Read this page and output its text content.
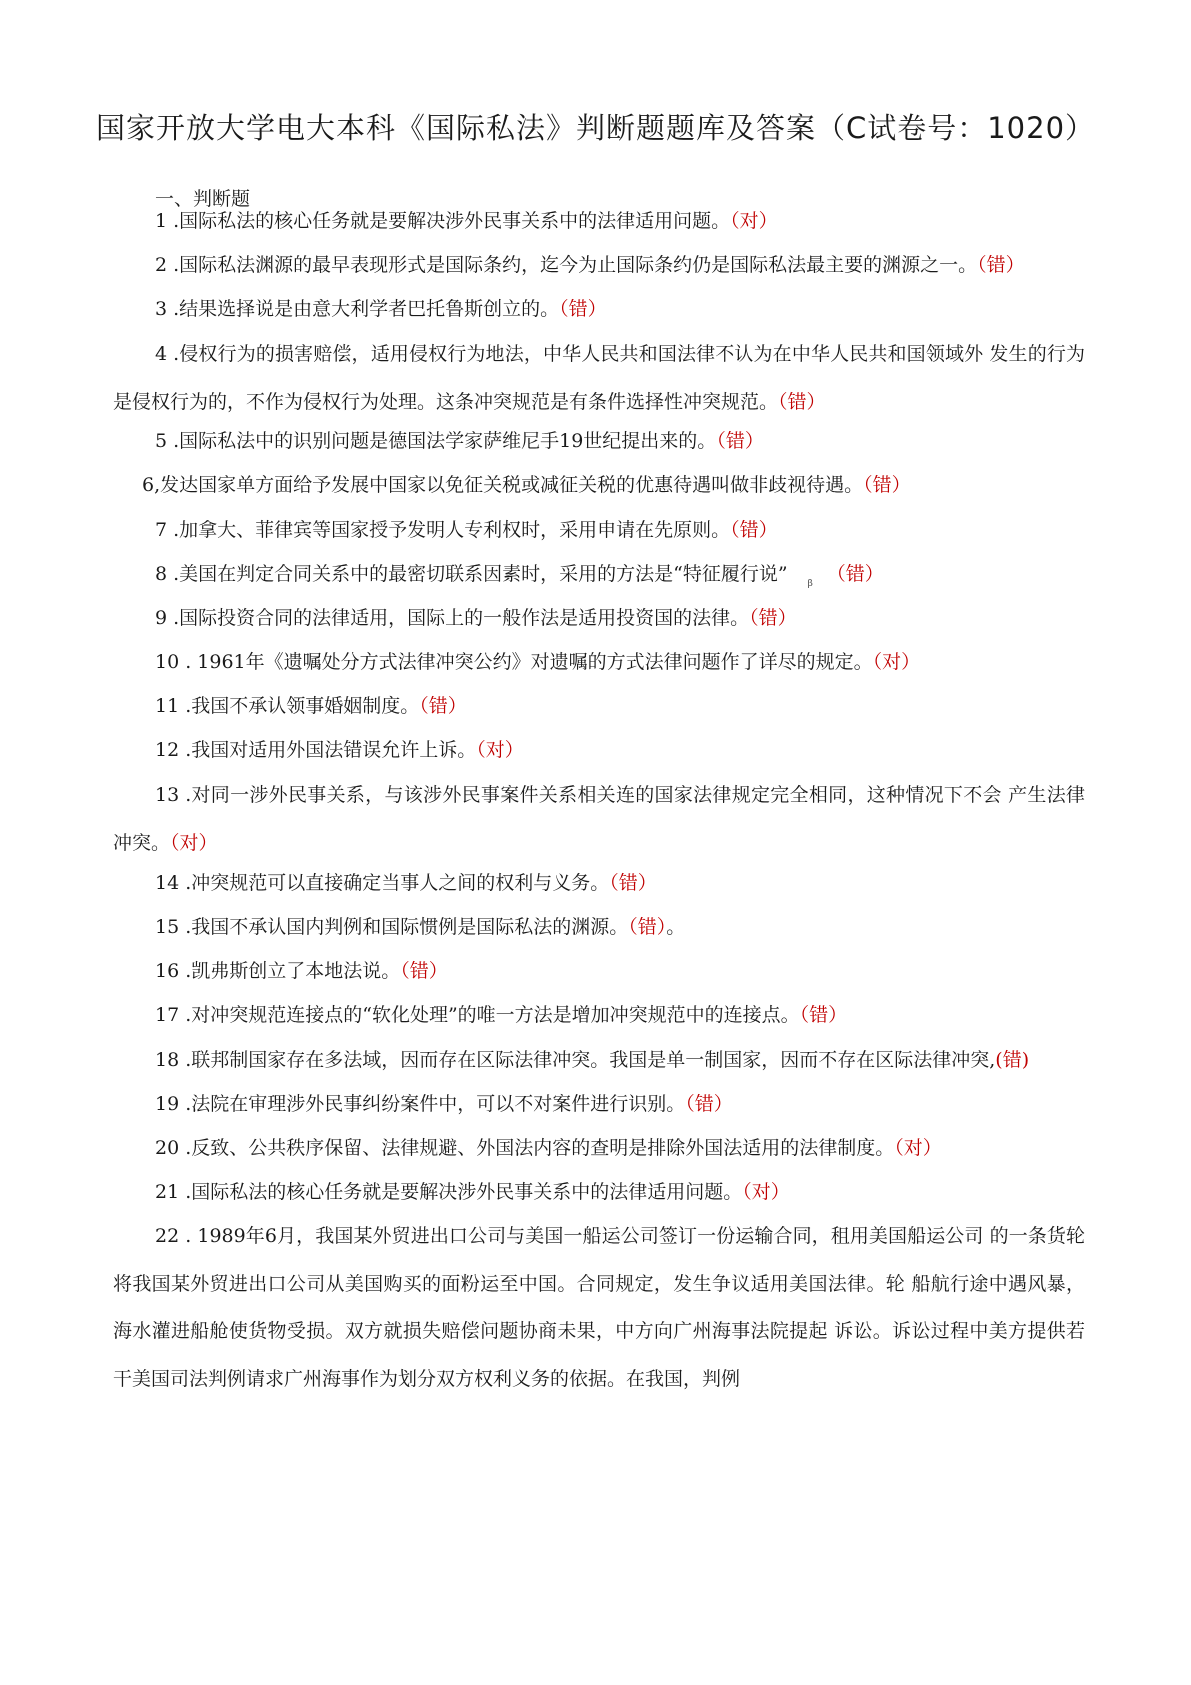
国家开放大学电大本科《国际私法》判断题题库及答案（C试卷号：1020）
一、判断题
1 .国际私法的核心任务就是要解决涉外民事关系中的法律适用问题。（对）
2 .国际私法渊源的最早表现形式是国际条约，迄今为止国际条约仍是国际私法最主要的渊源之一。（错）
3 .结果选择说是由意大利学者巴托鲁斯创立的。（错）
4 .侵权行为的损害赔偿，适用侵权行为地法，中华人民共和国法律不认为在中华人民共和国领域外 发生的行为是侵权行为的，不作为侵权行为处理。这条冲突规范是有条件选择性冲突规范。（错）
5 .国际私法中的识别问题是德国法学家萨维尼手19世纪提出来的。（错）
6,发达国家单方面给予发展中国家以免征关税或减征关税的优惠待遇叫做非歧视待遇。（错）
7 .加拿大、菲律宾等国家授予发明人专利权时，采用申请在先原则。（错）
8 .美国在判定合同关系中的最密切联系因素时，采用的方法是“特征履行说” $_\beta$ （错）
9 .国际投资合同的法律适用，国际上的一般作法是适用投资国的法律。（错）
10 . 1961年《遗嘱处分方式法律冲突公约》对遗嘱的方式法律问题作了详尽的规定。（对）
11 .我国不承认领事婚姻制度。（错）
12 .我国对适用外国法错误允许上诉。（对）
13 .对同一涉外民事关系，与该涉外民事案件关系相关连的国家法律规定完全相同，这种情况下不会 产生法律冲突。（对）
14 .冲突规范可以直接确定当事人之间的权利与义务。（错）
15 .我国不承认国内判例和国际惯例是国际私法的渊源。（错）。
16 .凯弗斯创立了本地法说。（错）
17 .对冲突规范连接点的“软化处理”的唯一方法是增加冲突规范中的连接点。（错）
18 .联邦制国家存在多法域，因而存在区际法律冲突。我国是单一制国家，因而不存在区际法律冲突,(错)
19 .法院在审理涉外民事纠纷案件中，可以不对案件进行识别。（错）
20 .反致、公共秩序保留、法律规避、外国法内容的查明是排除外国法适用的法律制度。（对）
21 .国际私法的核心任务就是要解决涉外民事关系中的法律适用问题。（对）
22 . 1989年6月，我国某外贸进出口公司与美国一船运公司签订一份运输合同，租用美国船运公司 的一条货轮将我国某外贸进出口公司从美国购买的面粉运至中国。合同规定，发生争议适用美国法律。轮 船航行途中遇风暴，海水灌进船舱使货物受损。双方就损失赔偿问题协商未果，中方向广州海事法院提起 诉讼。诉讼过程中美方提供若干美国司法判例请求广州海事作为划分双方权利义务的依据。在我国，判例
